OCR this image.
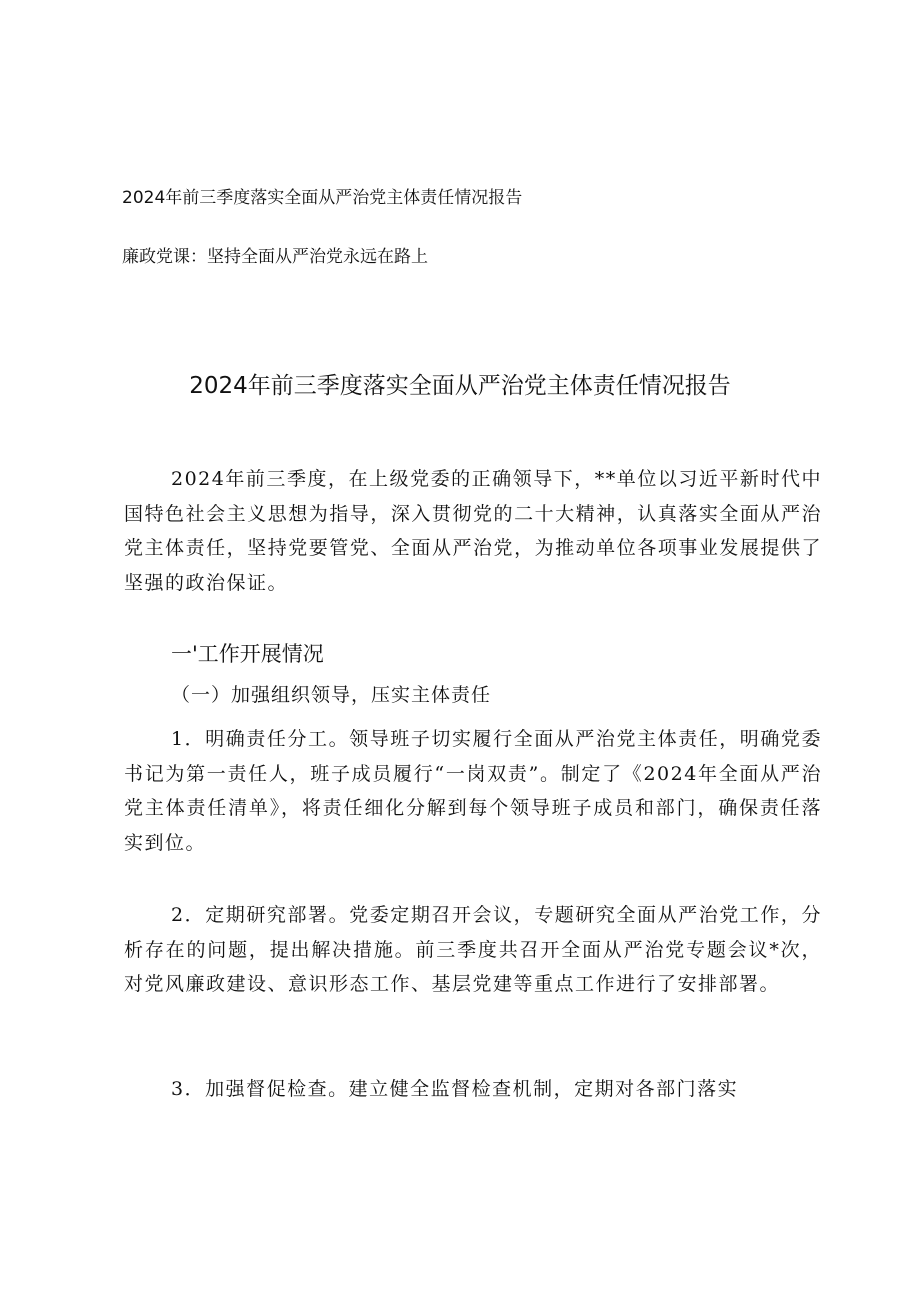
2024年前三季度落实全面从严治党主体责任情况报告
廉政党课：坚持全面从严治党永远在路上
2024年前三季度落实全面从严治党主体责任情况报告

2024年前三季度，在上级党委的正确领导下，**单位以习近平新时代中国特色社会主义思想为指导，深入贯彻党的二十大精神，认真落实全面从严治党主体责任，坚持党要管党、全面从严治党，为推动单位各项事业发展提供了坚强的政治保证。

一'工作开展情况
（一）加强组织领导，压实主体责任

1．明确责任分工。领导班子切实履行全面从严治党主体责任，明确党委书记为第一责任人，班子成员履行“一岗双责”。制定了《2024年全面从严治党主体责任清单》，将责任细化分解到每个领导班子成员和部门，确保责任落实到位。

2．定期研究部署。党委定期召开会议，专题研究全面从严治党工作，分析存在的问题，提出解决措施。前三季度共召开全面从严治党专题会议*次，对党风廉政建设、意识形态工作、基层党建等重点工作进行了安排部署。

3．加强督促检查。建立健全监督检查机制，定期对各部门落实
